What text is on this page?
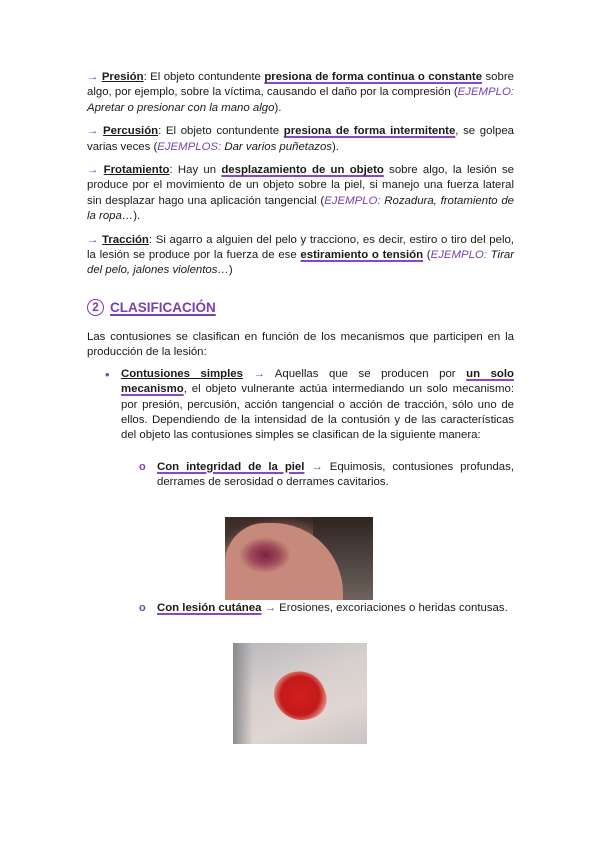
→ Presión: El objeto contundente presiona de forma continua o constante sobre algo, por ejemplo, sobre la víctima, causando el daño por la compresión (EJEMPLO: Apretar o presionar con la mano algo).

→ Percusión: El objeto contundente presiona de forma intermitente, se golpea varias veces (EJEMPLOS: Dar varios puñetazos).

→ Frotamiento: Hay un desplazamiento de un objeto sobre algo, la lesión se produce por el movimiento de un objeto sobre la piel, si manejo una fuerza lateral sin desplazar hago una aplicación tangencial (EJEMPLO: Rozadura, frotamiento de la ropa…).

→ Tracción: Si agarro a alguien del pelo y tracciono, es decir, estiro o tiro del pelo, la lesión se produce por la fuerza de ese estiramiento o tensión (EJEMPLO: Tirar del pelo, jalones violentos…)

2 CLASIFICACIÓN

Las contusiones se clasifican en función de los mecanismos que participen en la producción de la lesión:

•	Contusiones simples → Aquellas que se producen por un solo mecanismo, el objeto vulnerante actúa intermediando un solo mecanismo: por presión, percusión, acción tangencial o acción de tracción, sólo uno de ellos. Dependiendo de la intensidad de la contusión y de las características del objeto las contusiones simples se clasifican de la siguiente manera:

o Con integridad de la piel → Equimosis, contusiones profundas, derrames de serosidad o derrames cavitarios.

o Con lesión cutánea → Erosiones, excoriaciones o heridas contusas.
